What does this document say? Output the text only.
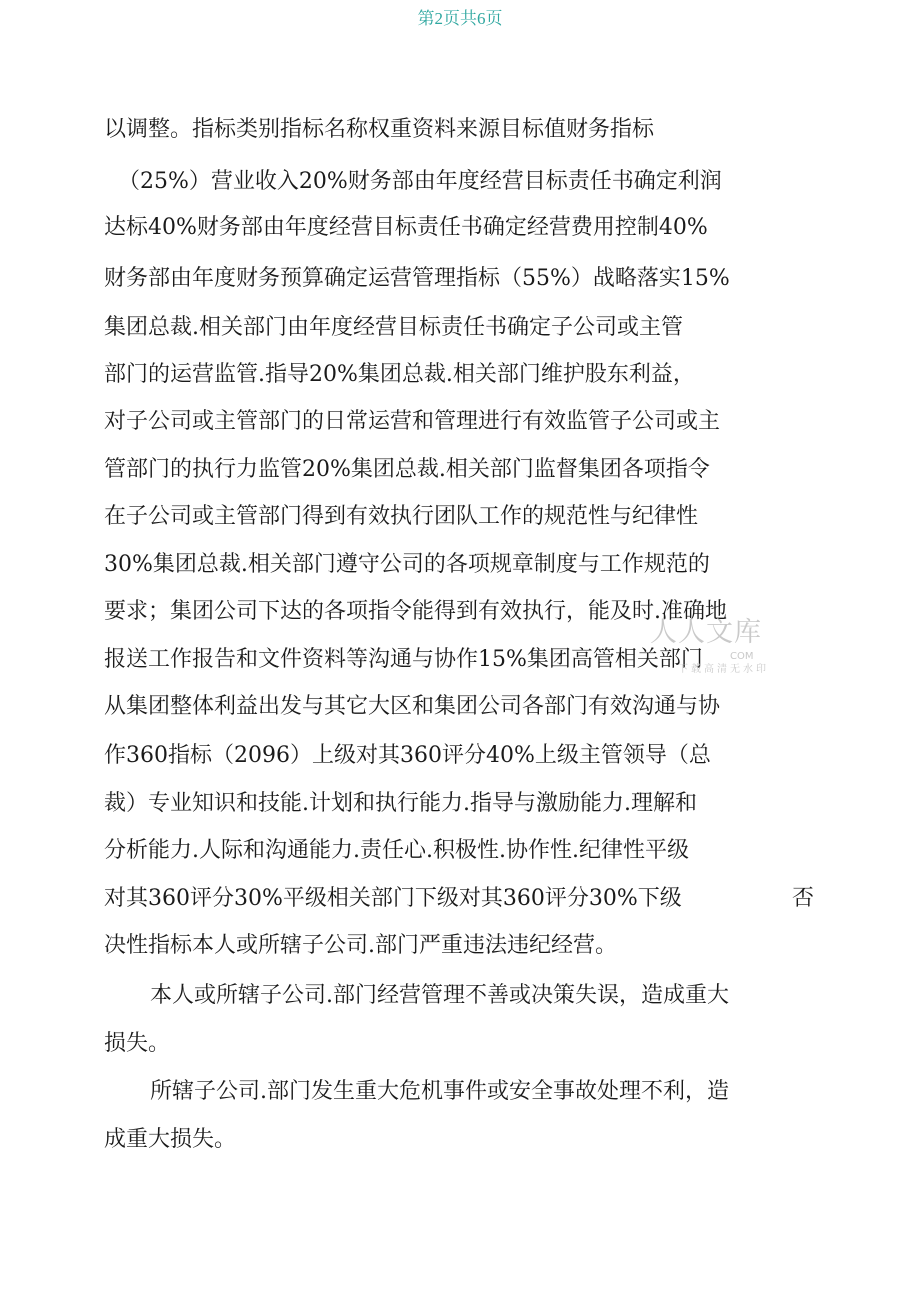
第2页共6页
以调整。指标类别指标名称权重资料来源目标值财务指标
（25%）营业收入20%财务部由年度经营目标责任书确定利润
达标40%财务部由年度经营目标责任书确定经营费用控制40%
财务部由年度财务预算确定运营管理指标（55%）战略落实15%
集团总裁.相关部门由年度经营目标责任书确定子公司或主管
部门的运营监管.指导20%集团总裁.相关部门维护股东利益，
对子公司或主管部门的日常运营和管理进行有效监管子公司或主
管部门的执行力监管20%集团总裁.相关部门监督集团各项指令
在子公司或主管部门得到有效执行团队工作的规范性与纪律性
30%集团总裁.相关部门遵守公司的各项规章制度与工作规范的
要求；集团公司下达的各项指令能得到有效执行，能及时.准确地
报送工作报告和文件资料等沟通与协作15%集团高管相关部门
从集团整体利益出发与其它大区和集团公司各部门有效沟通与协
作360指标（2096）上级对其360评分40%上级主管领导（总
裁）专业知识和技能.计划和执行能力.指导与激励能力.理解和
分析能力.人际和沟通能力.责任心.积极性.协作性.纪律性平级
对其360评分30%平级相关部门下级对其360评分30%下级	否
决性指标本人或所辖子公司.部门严重违法违纪经营。
本人或所辖子公司.部门经营管理不善或决策失误，造成重大
损失。
所辖子公司.部门发生重大危机事件或安全事故处理不利，造
成重大损失。
人人文库
COM
下载高清无水印
